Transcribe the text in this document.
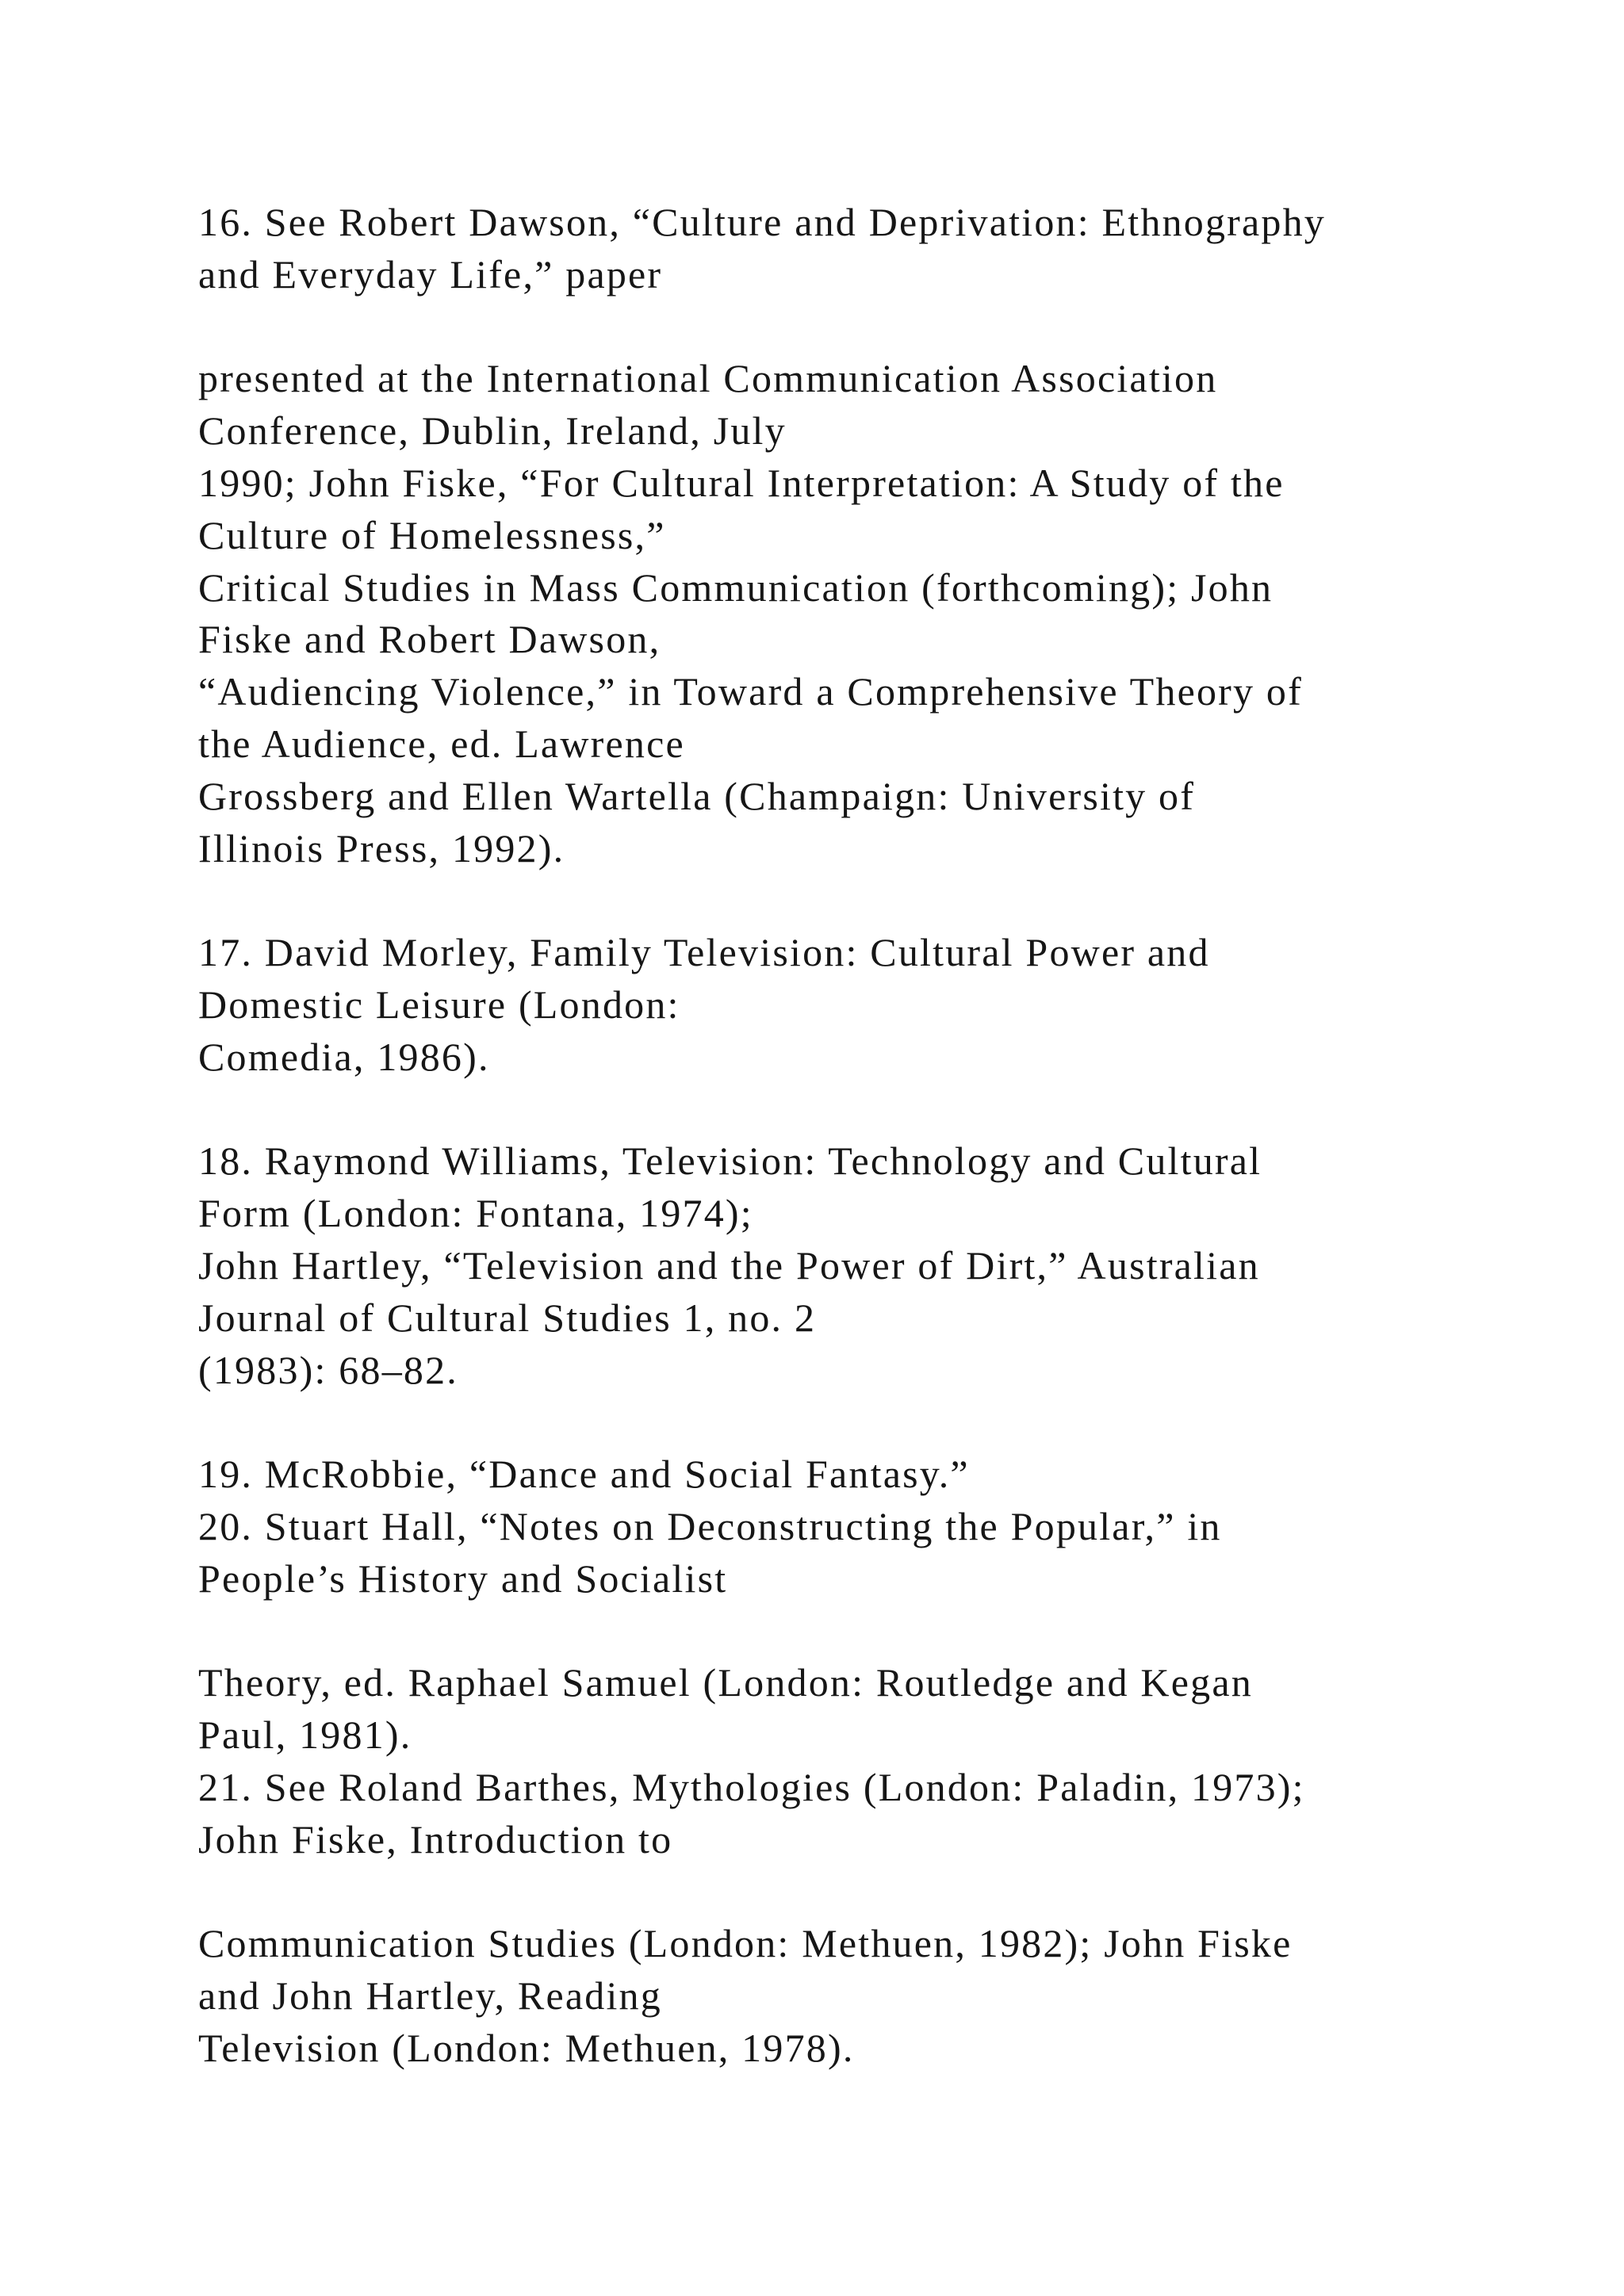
16. See Robert Dawson, “Culture and Deprivation: Ethnography
and Everyday Life,” paper
presented at the International Communication Association
Conference, Dublin, Ireland, July
1990; John Fiske, “For Cultural Interpretation: A Study of the
Culture of Homelessness,”
Critical Studies in Mass Communication (forthcoming); John
Fiske and Robert Dawson,
“Audiencing Violence,” in Toward a Comprehensive Theory of
the Audience, ed. Lawrence
Grossberg and Ellen Wartella (Champaign: University of
Illinois Press, 1992).
17. David Morley, Family Television: Cultural Power and
Domestic Leisure (London:
Comedia, 1986).
18. Raymond Williams, Television: Technology and Cultural
Form (London: Fontana, 1974);
John Hartley, “Television and the Power of Dirt,” Australian
Journal of Cultural Studies 1, no. 2
(1983): 68–82.
19. McRobbie, “Dance and Social Fantasy.”
20. Stuart Hall, “Notes on Deconstructing the Popular,” in
People’s History and Socialist
Theory, ed. Raphael Samuel (London: Routledge and Kegan
Paul, 1981).
21. See Roland Barthes, Mythologies (London: Paladin, 1973);
John Fiske, Introduction to
Communication Studies (London: Methuen, 1982); John Fiske
and John Hartley, Reading
Television (London: Methuen, 1978).
